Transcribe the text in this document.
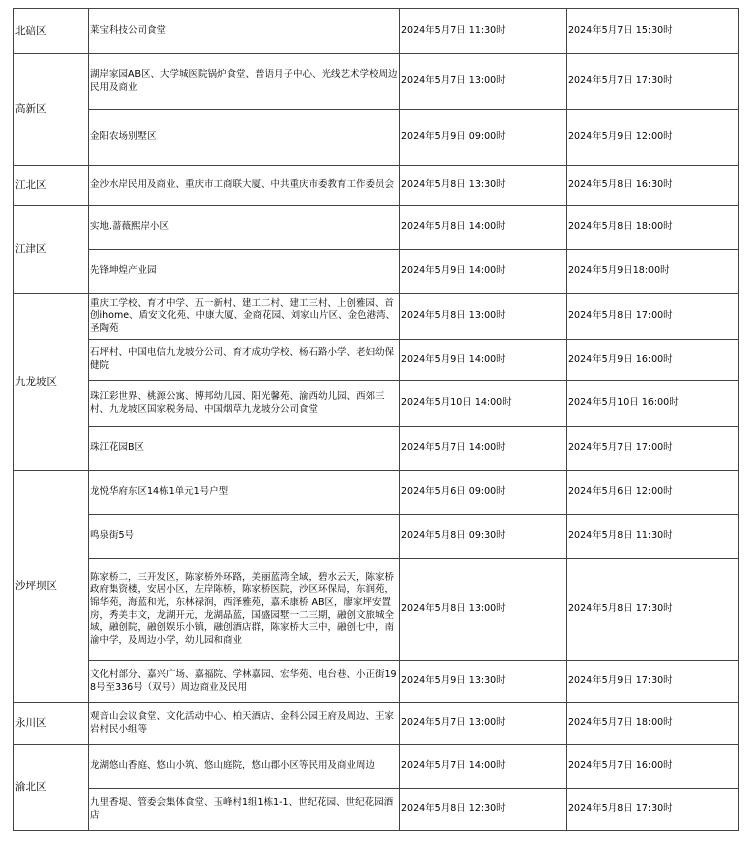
北碚区	莱宝科技公司食堂	2024年5月7日 11:30时	2024年5月7日 15:30时
高新区	湖岸家园AB区、大学城医院锅炉食堂、普语月子中心、光线艺术学校周边民用及商业	2024年5月7日 13:00时	2024年5月7日 17:30时
	金阳农场别墅区	2024年5月9日 09:00时	2024年5月9日 12:00时
江北区	金沙水岸民用及商业、重庆市工商联大厦、中共重庆市委教育工作委员会	2024年5月8日 13:30时	2024年5月8日 16:30时
江津区	实地.蔷薇熙岸小区	2024年5月8日 14:00时	2024年5月8日 18:00时
	先锋坤煌产业园	2024年5月9日 14:00时	2024年5月9日18:00时
九龙坡区	重庆工学校、育才中学、五一新村、建工二村、建工三村、上创雅园、首创ihome、盾安文化苑、中康大厦、金商花园、刘家山片区、金色港湾、圣陶苑	2024年5月8日 13:00时	2024年5月8日 17:00时
	石坪村、中国电信九龙坡分公司、育才成功学校、杨石路小学、老妇幼保健院	2024年5月9日 14:00时	2024年5月9日 16:00时
	珠江彩世界、桃源公寓、博邦幼儿园、阳光馨苑、渝西幼儿园、西郊三村、九龙坡区国家税务局、中国烟草九龙坡分公司食堂	2024年5月10日 14:00时	2024年5月10日 16:00时
	珠江花园B区	2024年5月7日 14:00时	2024年5月7日 17:00时
沙坪坝区	龙悦华府东区14栋1单元1号户型	2024年5月6日 09:00时	2024年5月6日 12:00时
	鸣泉街5号	2024年5月8日 09:30时	2024年5月8日 11:30时
	陈家桥二，三开发区，陈家桥外环路，美丽蓝湾全域，碧水云天，陈家桥政府集资楼，安居小区，左岸陈桥，陈家桥医院，沙区环保局，东润苑，锦华苑，海蓝和光，东林禄润，西泽雅苑，嘉禾康桥 AB区，廖家坪安置房，秀美丰文，龙湖开元，龙湖晶蓝，国盛园墅一二三期，融创文旅城全域，融创院，融创娱乐小镇，融创酒店群，陈家桥大三中，融创七中，南渝中学，及周边小学，幼儿园和商业	2024年5月8日 13:00时	2024年5月8日 17:30时
	文化村部分、嘉兴广场、嘉福院、学林嘉园、宏华苑、电台巷、小正街198号至336号（双号）周边商业及民用	2024年5月9日 13:30时	2024年5月9日 17:30时
永川区	观音山会议食堂、文化活动中心、柏天酒店、金科公园王府及周边、王家岩村民小组等	2024年5月7日 13:00时	2024年5月7日 18:00时
渝北区	龙湖悠山香庭、悠山小筑、悠山庭院，悠山郡小区等民用及商业周边	2024年5月7日 14:00时	2024年5月7日 16:00时
	九里香堤、管委会集体食堂、玉峰村1组1栋1-1、世纪花园、世纪花园酒店	2024年5月8日 12:30时	2024年5月8日 17:30时
